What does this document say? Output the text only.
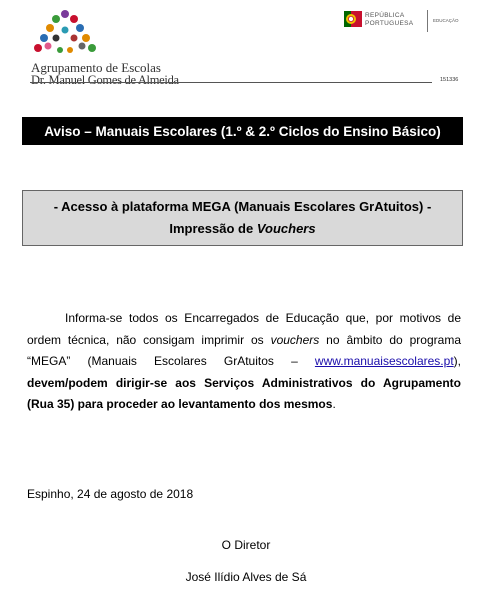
Agrupamento de Escolas
Dr. Manuel Gomes de Almeida	151336
REPÚBLICA
PORTUGUESA	EDUCAÇÃO
Aviso – Manuais Escolares (1.º & 2.º Ciclos do Ensino Básico)
- Acesso à plataforma MEGA (Manuais Escolares GrAtuitos) -
Impressão de Vouchers
Informa-se todos os Encarregados de Educação que, por motivos de ordem técnica, não consigam imprimir os vouchers no âmbito do programa “MEGA” (Manuais Escolares GrAtuitos – www.manuaisescolares.pt), devem/podem dirigir-se aos Serviços Administrativos do Agrupamento (Rua 35) para proceder ao levantamento dos mesmos.
Espinho, 24 de agosto de 2018
O Diretor
José Ilídio Alves de Sá
